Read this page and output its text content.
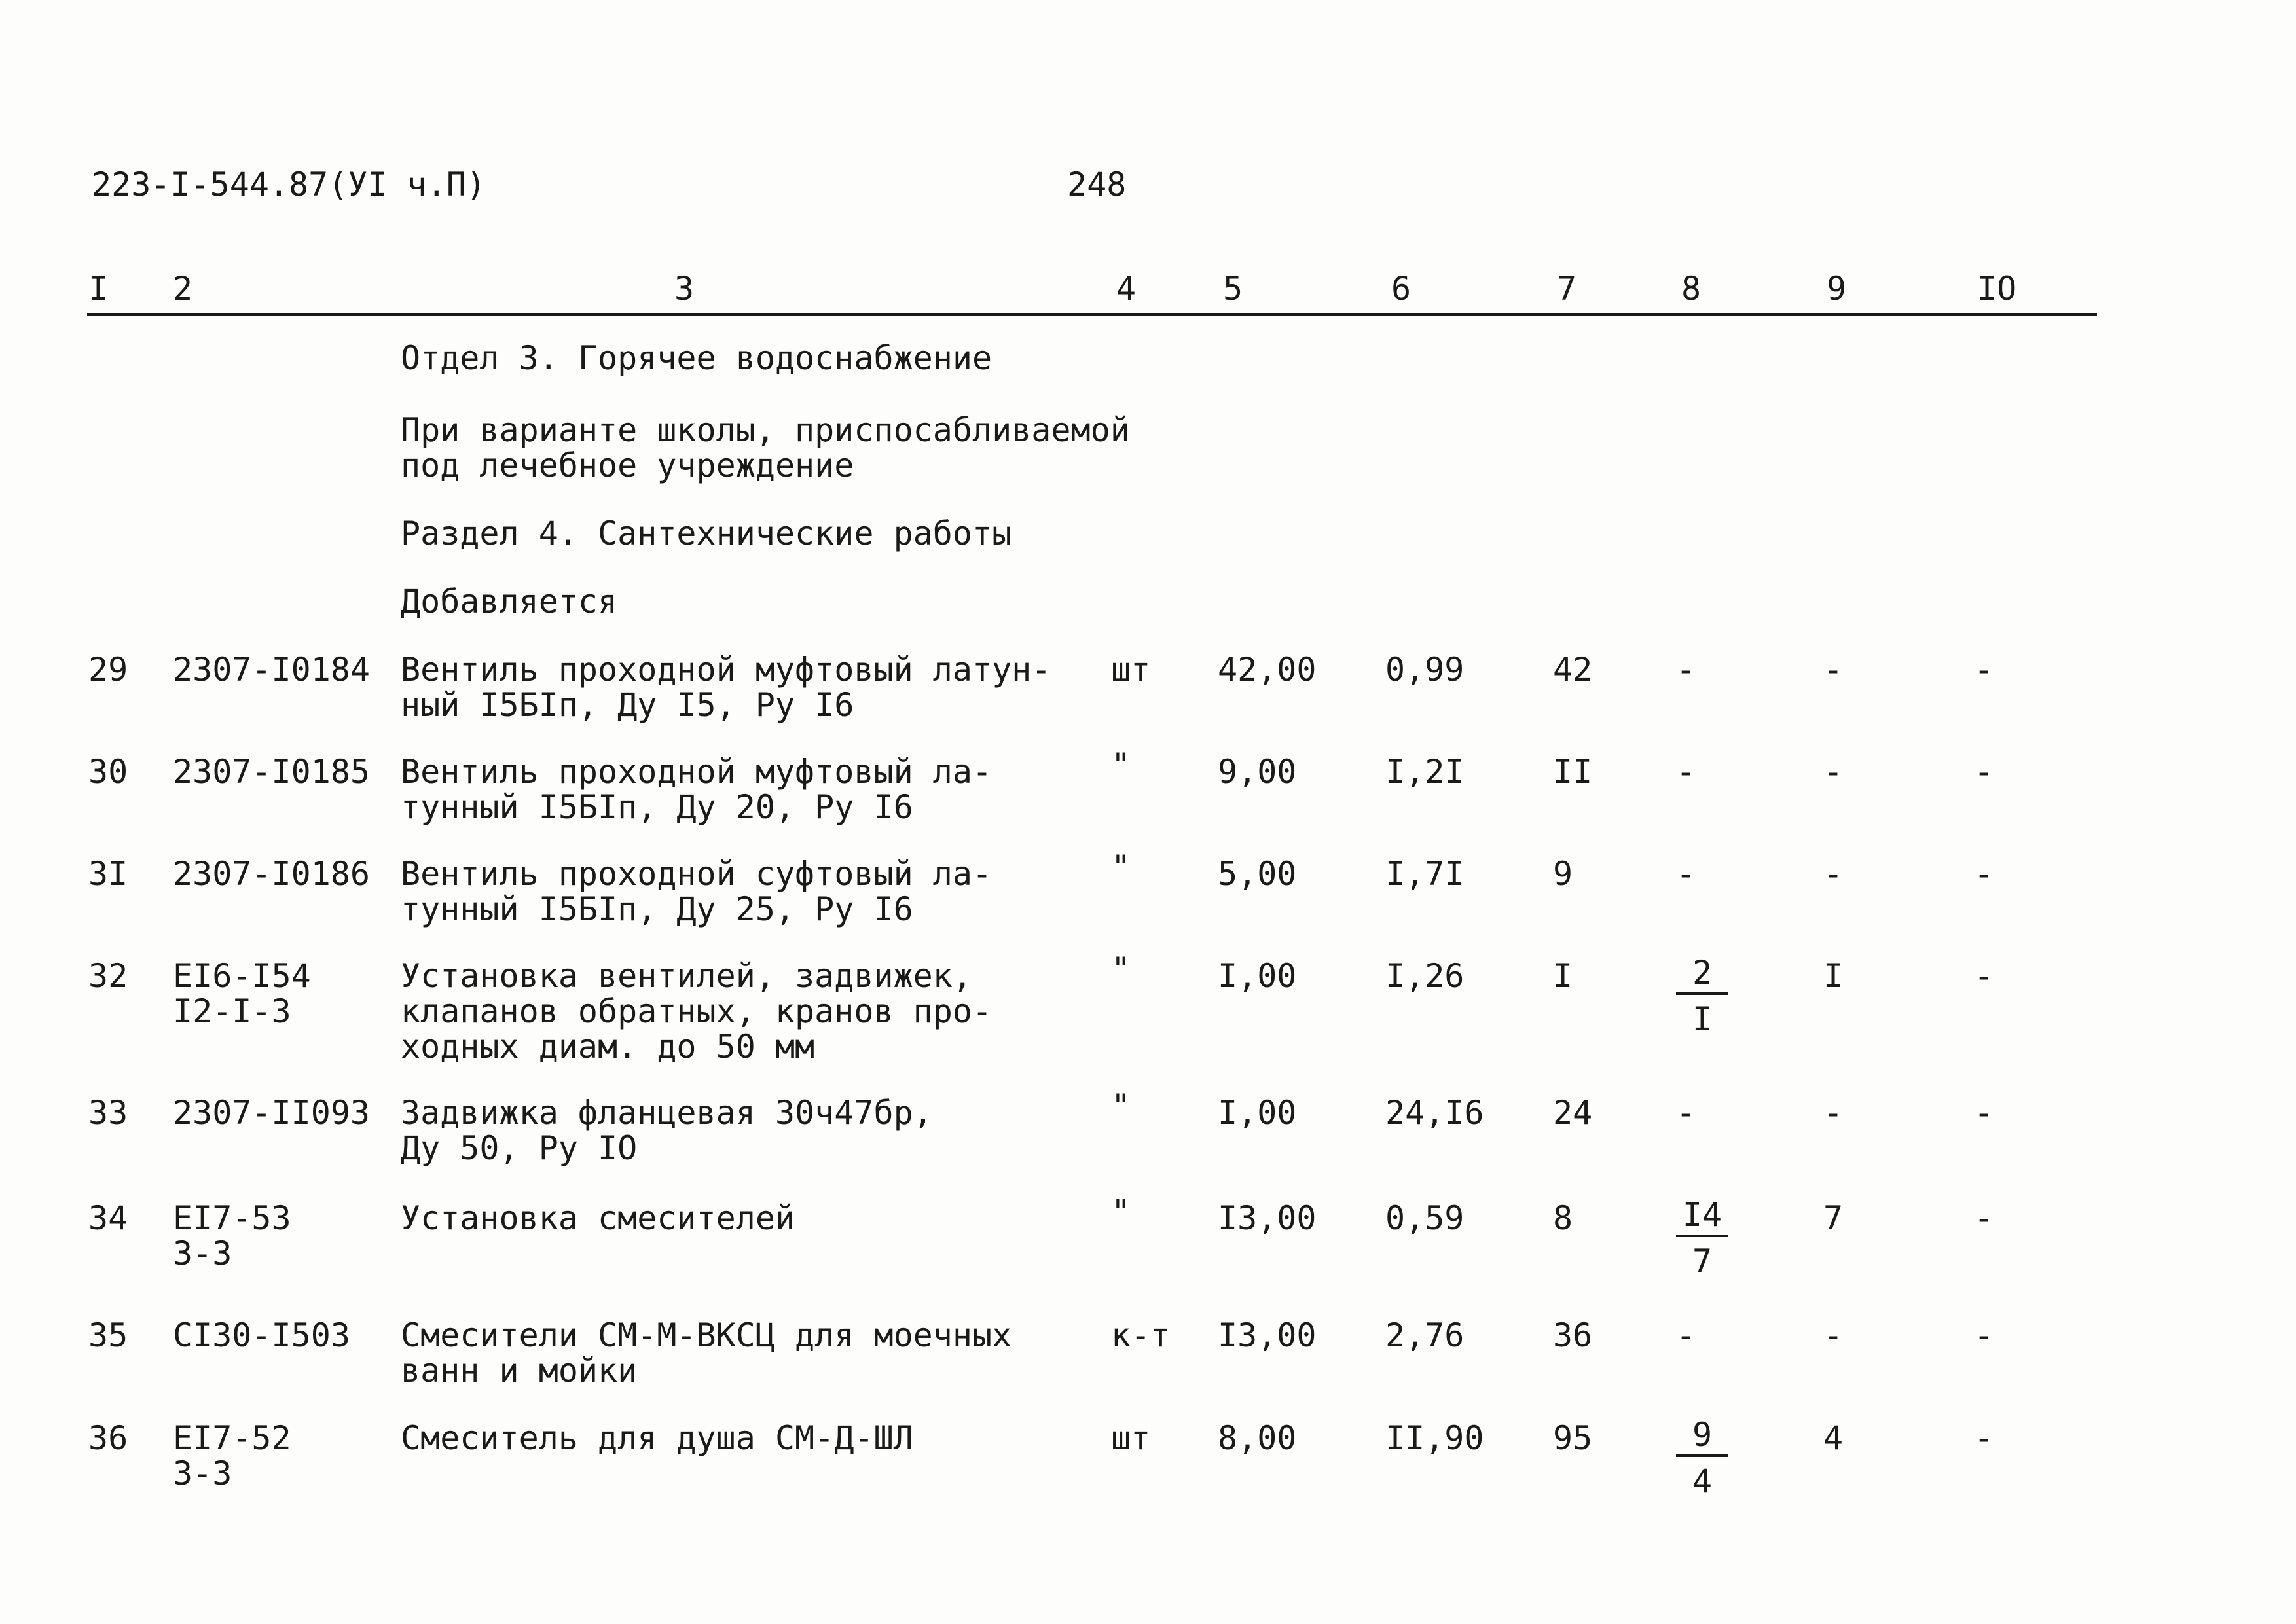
223-I-544.87(УI ч.П)	248
I 2	3	4	5	6	7	8	9	IO
Отдел 3. Горячее водоснабжение
При варианте школы, приспосабливаемой
под лечебное учреждение
Раздел 4. Сантехнические работы
Добавляется
29 2307-I0184 Вентиль проходной муфтовый латун-
ный I5БIп, Ду I5, Ру I6
шт 42,00 0,99	42	-	-	-
30 2307-I0185 Вентиль проходной муфтовый ла-
тунный I5БIп, Ду 20, Ру I6
"	9,00	I,2I	II	-	-	-
3I 2307-I0186 Вентиль проходной суфтовый ла-
тунный I5БIп, Ду 25, Ру I6
"	5,00	I,7I	9	-	-	-
32 ЕI6-I54
I2-I-3
Установка вентилей, задвижек,
клапанов обратных, кранов про-
ходных диам. до 50 мм
"	I,00	I,26	I	$\frac{2}{I}$	I	-
33 2307-II093 Задвижка фланцевая 30ч47бр,
Ду 50, Ру IO
"	I,00	24,I6 24	-	-	-
34 ЕI7-53
3-3
Установка смесителей	"	I3,00 0,59	8	$\frac{I4}{7}$	7	-
35 СI30-I503 Смесители СМ-М-ВКСЦ для моечных
ванн и мойки
к-т I3,00 2,76	36	-	-	-
36 ЕI7-52
3-3
Смеситель для душа СМ-Д-ШЛ	шт 8,00	II,90 95	$\frac{9}{4}$	4	-
